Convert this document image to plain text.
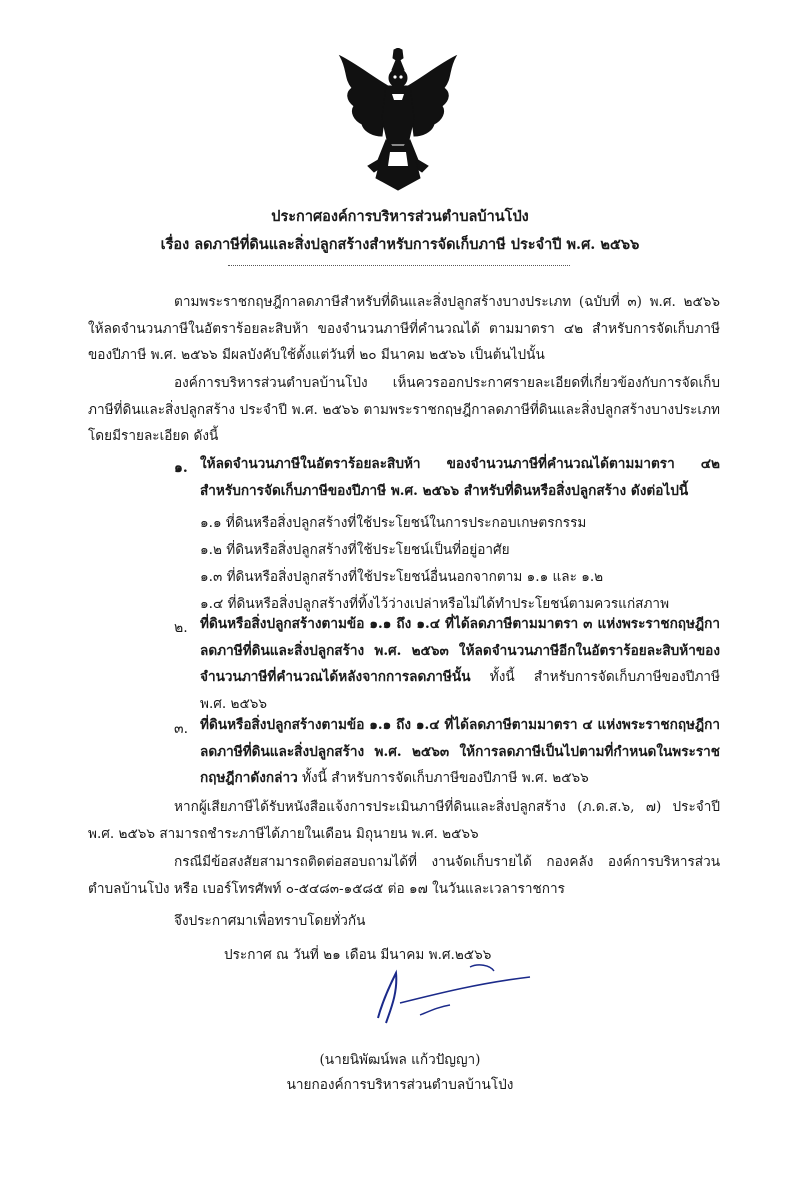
ประกาศองค์การบริหารส่วนตำบลบ้านโป่ง
เรื่อง ลดภาษีที่ดินและสิ่งปลูกสร้างสำหรับการจัดเก็บภาษี ประจำปี พ.ศ. ๒๕๖๖

ตามพระราชกฤษฎีกาลดภาษีสำหรับที่ดินและสิ่งปลูกสร้างบางประเภท (ฉบับที่ ๓) พ.ศ. ๒๕๖๖ ให้ลดจำนวนภาษีในอัตราร้อยละสิบห้า ของจำนวนภาษีที่คำนวณได้ ตามมาตรา ๔๒ สำหรับการจัดเก็บภาษีของปีภาษี พ.ศ. ๒๕๖๖ มีผลบังคับใช้ตั้งแต่วันที่ ๒๐ มีนาคม ๒๕๖๖ เป็นต้นไปนั้น

องค์การบริหารส่วนตำบลบ้านโป่ง เห็นควรออกประกาศรายละเอียดที่เกี่ยวข้องกับการจัดเก็บภาษีที่ดินและสิ่งปลูกสร้าง ประจำปี พ.ศ. ๒๕๖๖ ตามพระราชกฤษฎีกาลดภาษีที่ดินและสิ่งปลูกสร้างบางประเภท โดยมีรายละเอียด ดังนี้

๑. ให้ลดจำนวนภาษีในอัตราร้อยละสิบห้า ของจำนวนภาษีที่คำนวณได้ตามมาตรา ๔๒ สำหรับการจัดเก็บภาษีของปีภาษี พ.ศ. ๒๕๖๖ สำหรับที่ดินหรือสิ่งปลูกสร้าง ดังต่อไปนี้

๑.๑ ที่ดินหรือสิ่งปลูกสร้างที่ใช้ประโยชน์ในการประกอบเกษตรกรรม
๑.๒ ที่ดินหรือสิ่งปลูกสร้างที่ใช้ประโยชน์เป็นที่อยู่อาศัย
๑.๓ ที่ดินหรือสิ่งปลูกสร้างที่ใช้ประโยชน์อื่นนอกจากตาม ๑.๑ และ ๑.๒
๑.๔ ที่ดินหรือสิ่งปลูกสร้างที่ทิ้งไว้ว่างเปล่าหรือไม่ได้ทำประโยชน์ตามควรแก่สภาพ
๒. ที่ดินหรือสิ่งปลูกสร้างตามข้อ ๑.๑ ถึง ๑.๔ ที่ได้ลดภาษีตามมาตรา ๓ แห่งพระราชกฤษฎีกาลดภาษีที่ดินและสิ่งปลูกสร้าง พ.ศ. ๒๕๖๓ ให้ลดจำนวนภาษีอีกในอัตราร้อยละสิบห้าของจำนวนภาษีที่คำนวณได้หลังจากการลดภาษีนั้น ทั้งนี้ สำหรับการจัดเก็บภาษีของปีภาษี พ.ศ. ๒๕๖๖

๓. ที่ดินหรือสิ่งปลูกสร้างตามข้อ ๑.๑ ถึง ๑.๔ ที่ได้ลดภาษีตามมาตรา ๔ แห่งพระราชกฤษฎีกาลดภาษีที่ดินและสิ่งปลูกสร้าง พ.ศ. ๒๕๖๓ ให้การลดภาษีเป็นไปตามที่กำหนดในพระราชกฤษฎีกาดังกล่าว ทั้งนี้ สำหรับการจัดเก็บภาษีของปีภาษี พ.ศ. ๒๕๖๖

หากผู้เสียภาษีได้รับหนังสือแจ้งการประเมินภาษีที่ดินและสิ่งปลูกสร้าง (ภ.ด.ส.๖, ๗) ประจำปี พ.ศ. ๒๕๖๖ สามารถชำระภาษีได้ภายในเดือน มิถุนายน พ.ศ. ๒๕๖๖

กรณีมีข้อสงสัยสามารถติดต่อสอบถามได้ที่ งานจัดเก็บรายได้ กองคลัง องค์การบริหารส่วนตำบลบ้านโป่ง หรือ เบอร์โทรศัพท์ ๐-๕๔๘๓-๑๕๘๕ ต่อ ๑๗ ในวันและเวลาราชการ

จึงประกาศมาเพื่อทราบโดยทั่วกัน
ประกาศ ณ วันที่ ๒๑ เดือน มีนาคม พ.ศ.๒๕๖๖
(นายนิพัฒน์พล แก้วปัญญา)
นายกองค์การบริหารส่วนตำบลบ้านโป่ง
